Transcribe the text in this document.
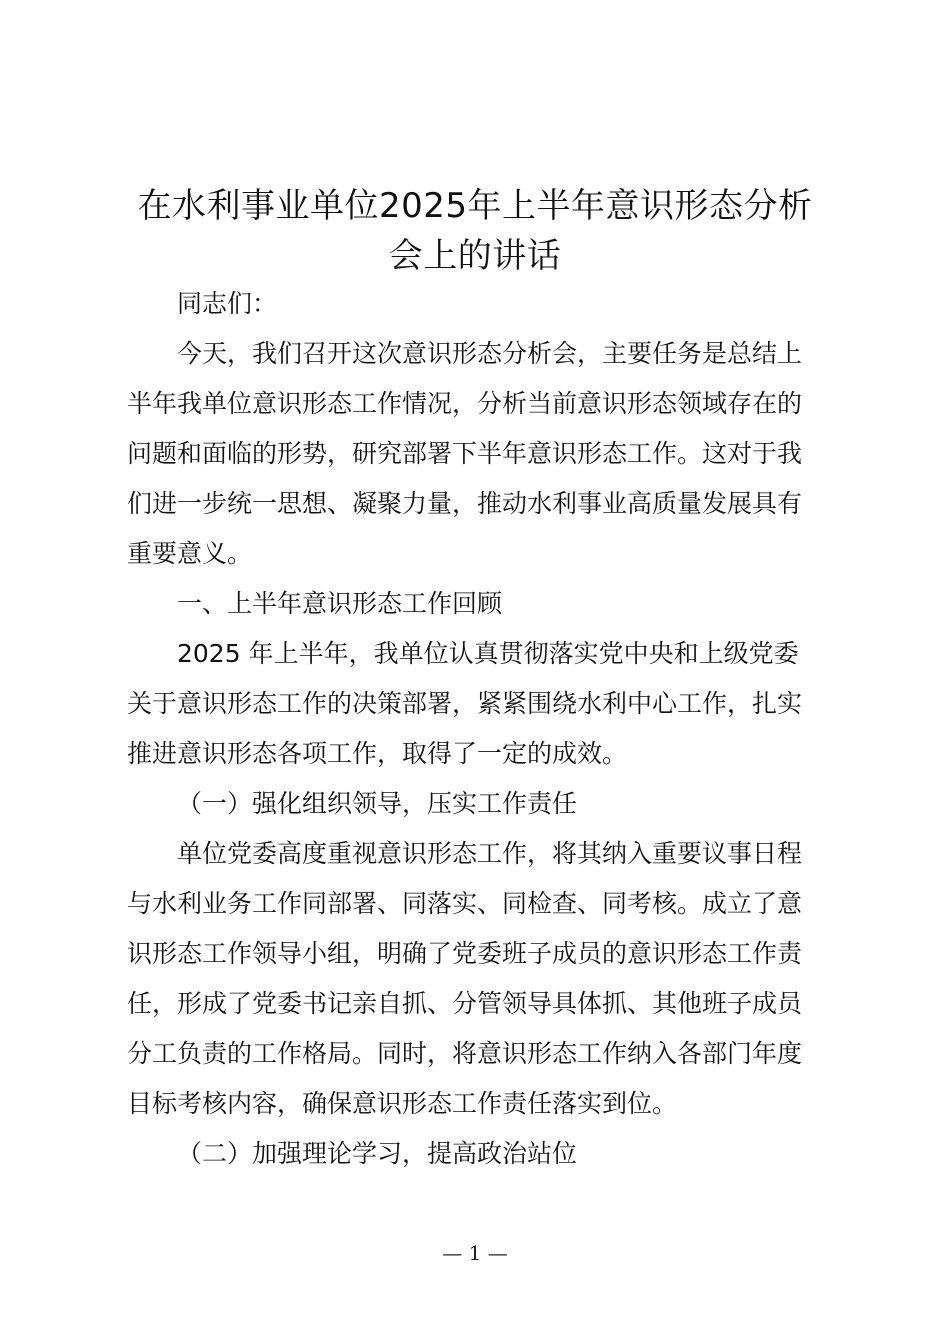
在水利事业单位2025年上半年意识形态分析
会上的讲话
同志们：
今天，我们召开这次意识形态分析会，主要任务是总结上
半年我单位意识形态工作情况，分析当前意识形态领域存在的
问题和面临的形势，研究部署下半年意识形态工作。这对于我
们进一步统一思想、凝聚力量，推动水利事业高质量发展具有
重要意义。
一、上半年意识形态工作回顾
2025 年上半年，我单位认真贯彻落实党中央和上级党委
关于意识形态工作的决策部署，紧紧围绕水利中心工作，扎实
推进意识形态各项工作，取得了一定的成效。
（一）强化组织领导，压实工作责任
单位党委高度重视意识形态工作，将其纳入重要议事日程
与水利业务工作同部署、同落实、同检查、同考核。成立了意
识形态工作领导小组，明确了党委班子成员的意识形态工作责
任，形成了党委书记亲自抓、分管领导具体抓、其他班子成员
分工负责的工作格局。同时，将意识形态工作纳入各部门年度
目标考核内容，确保意识形态工作责任落实到位。
（二）加强理论学习，提高政治站位
— 1 —
